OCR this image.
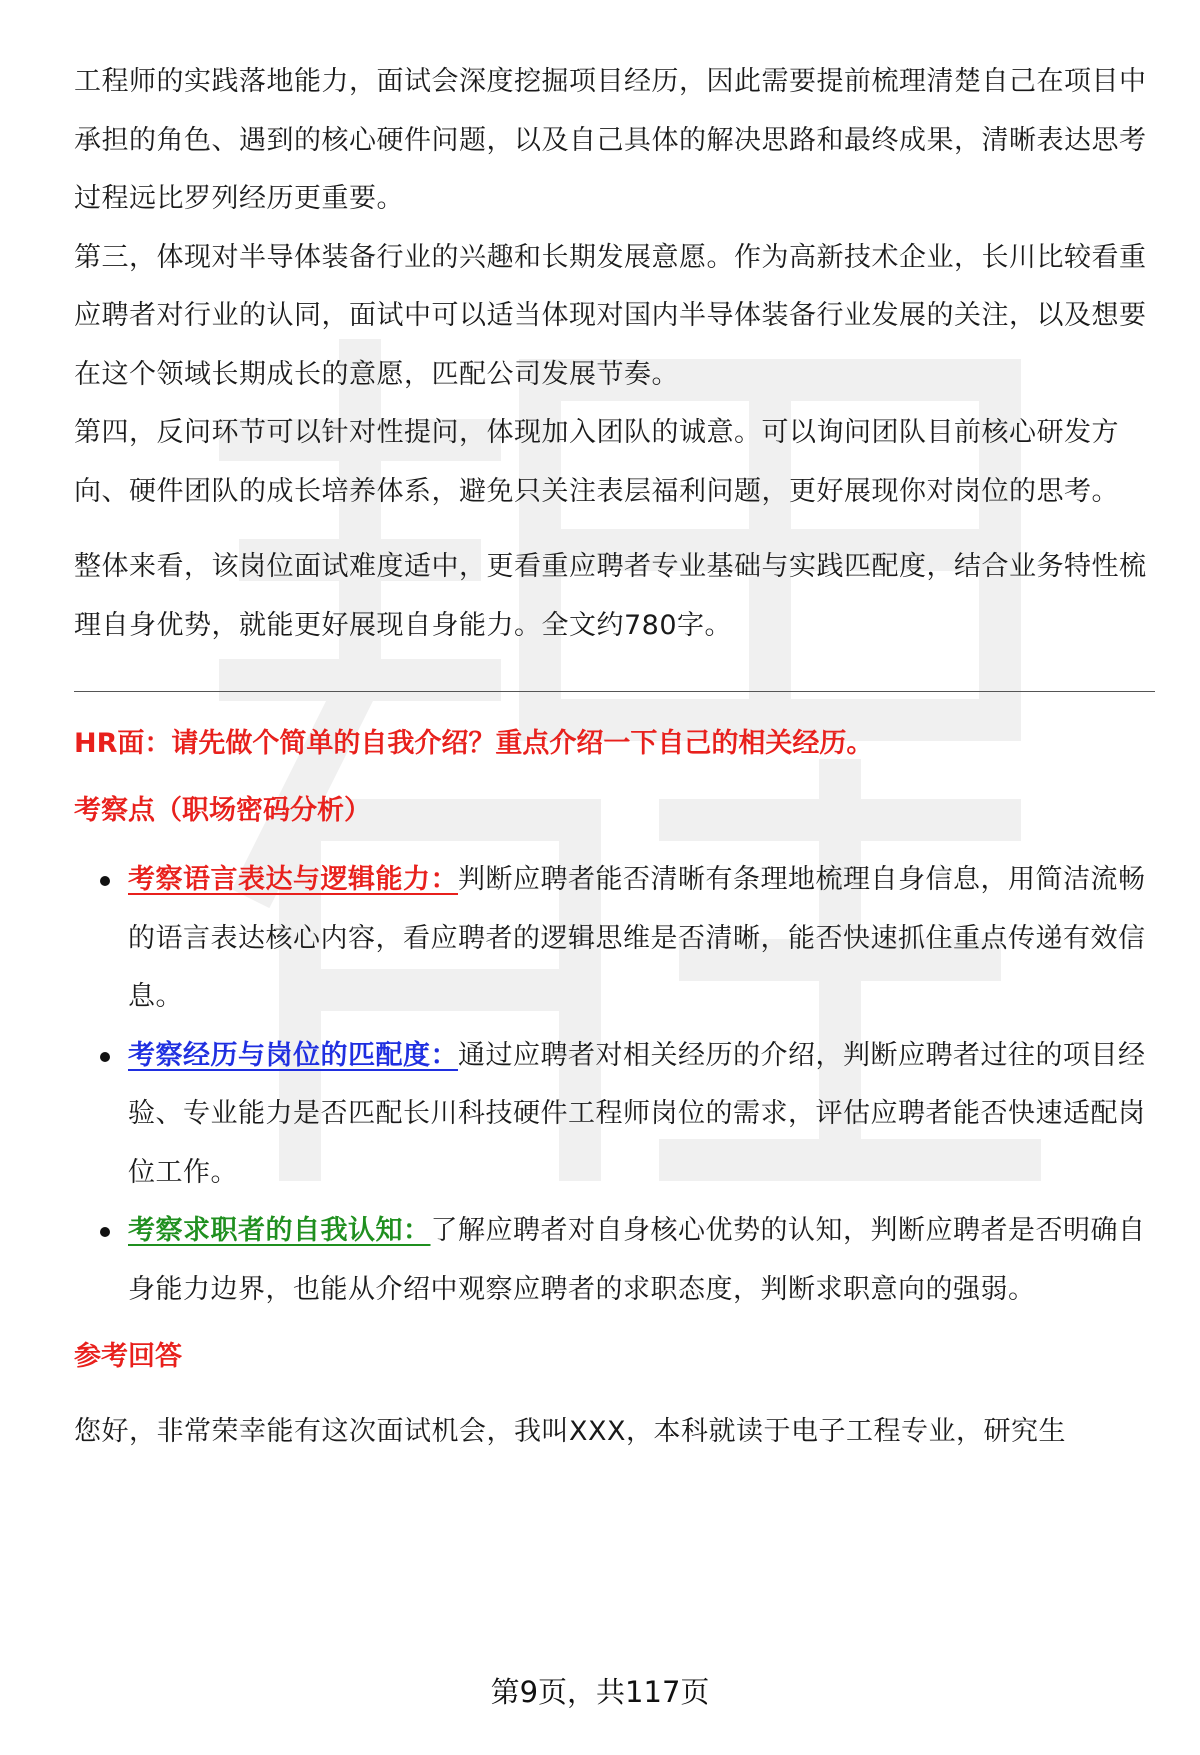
工程师的实践落地能力，面试会深度挖掘项目经历，因此需要提前梳理清楚自己在项目中承担的角色、遇到的核心硬件问题，以及自己具体的解决思路和最终成果，清晰表达思考过程远比罗列经历更重要。

第三，体现对半导体装备行业的兴趣和长期发展意愿。作为高新技术企业，长川比较看重应聘者对行业的认同，面试中可以适当体现对国内半导体装备行业发展的关注，以及想要在这个领域长期成长的意愿，匹配公司发展节奏。

第四，反问环节可以针对性提问，体现加入团队的诚意。可以询问团队目前核心研发方向、硬件团队的成长培养体系，避免只关注表层福利问题，更好展现你对岗位的思考。

整体来看，该岗位面试难度适中，更看重应聘者专业基础与实践匹配度，结合业务特性梳理自身优势，就能更好展现自身能力。全文约780字。

HR面：请先做个简单的自我介绍？重点介绍一下自己的相关经历。

考察点（职场密码分析）

考察语言表达与逻辑能力：判断应聘者能否清晰有条理地梳理自身信息，用简洁流畅的语言表达核心内容，看应聘者的逻辑思维是否清晰，能否快速抓住重点传递有效信息。
考察经历与岗位的匹配度：通过应聘者对相关经历的介绍，判断应聘者过往的项目经验、专业能力是否匹配长川科技硬件工程师岗位的需求，评估应聘者能否快速适配岗位工作。
考察求职者的自我认知：了解应聘者对自身核心优势的认知，判断应聘者是否明确自身能力边界，也能从介绍中观察应聘者的求职态度，判断求职意向的强弱。

参考回答

您好，非常荣幸能有这次面试机会，我叫XXX，本科就读于电子工程专业，研究生

第9页，共117页
